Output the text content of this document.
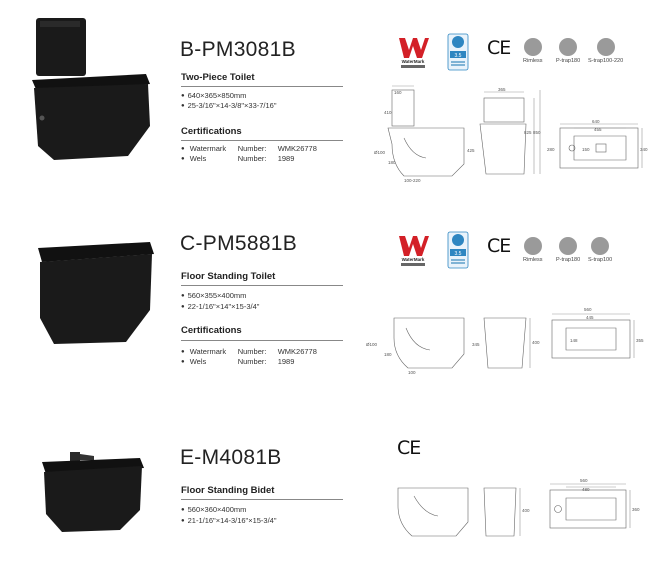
B-PM3081B
Two-Piece Toilet
● 640×365×850mm
● 25-3/16"×14-3/8"×33-7/16"
Certifications
● Watermark Number: WMK26778
● Wels	Number: 1989
WaterMark
3.5 CE
Rimless P-trap180 S-trap100-220
160
410
Ø100
180
100-220
425
365
825 850
640
455
280	340
150
C-PM5881B
Floor Standing Toilet
● 560×355×400mm
● 22-1/16"×14"×15-3/4"
Certifications
● Watermark Number: WMK26778
● Wels	Number: 1989
WaterMark
3.5 CE
Rimless P-trap180 S-trap100
Ø100
180
100
345	400
560
445
148	355
E-M4081B
Floor Standing Bidet
● 560×360×400mm
● 21-1/16"×14-3/16"×15-3/4"
CE
400
560
480
360
